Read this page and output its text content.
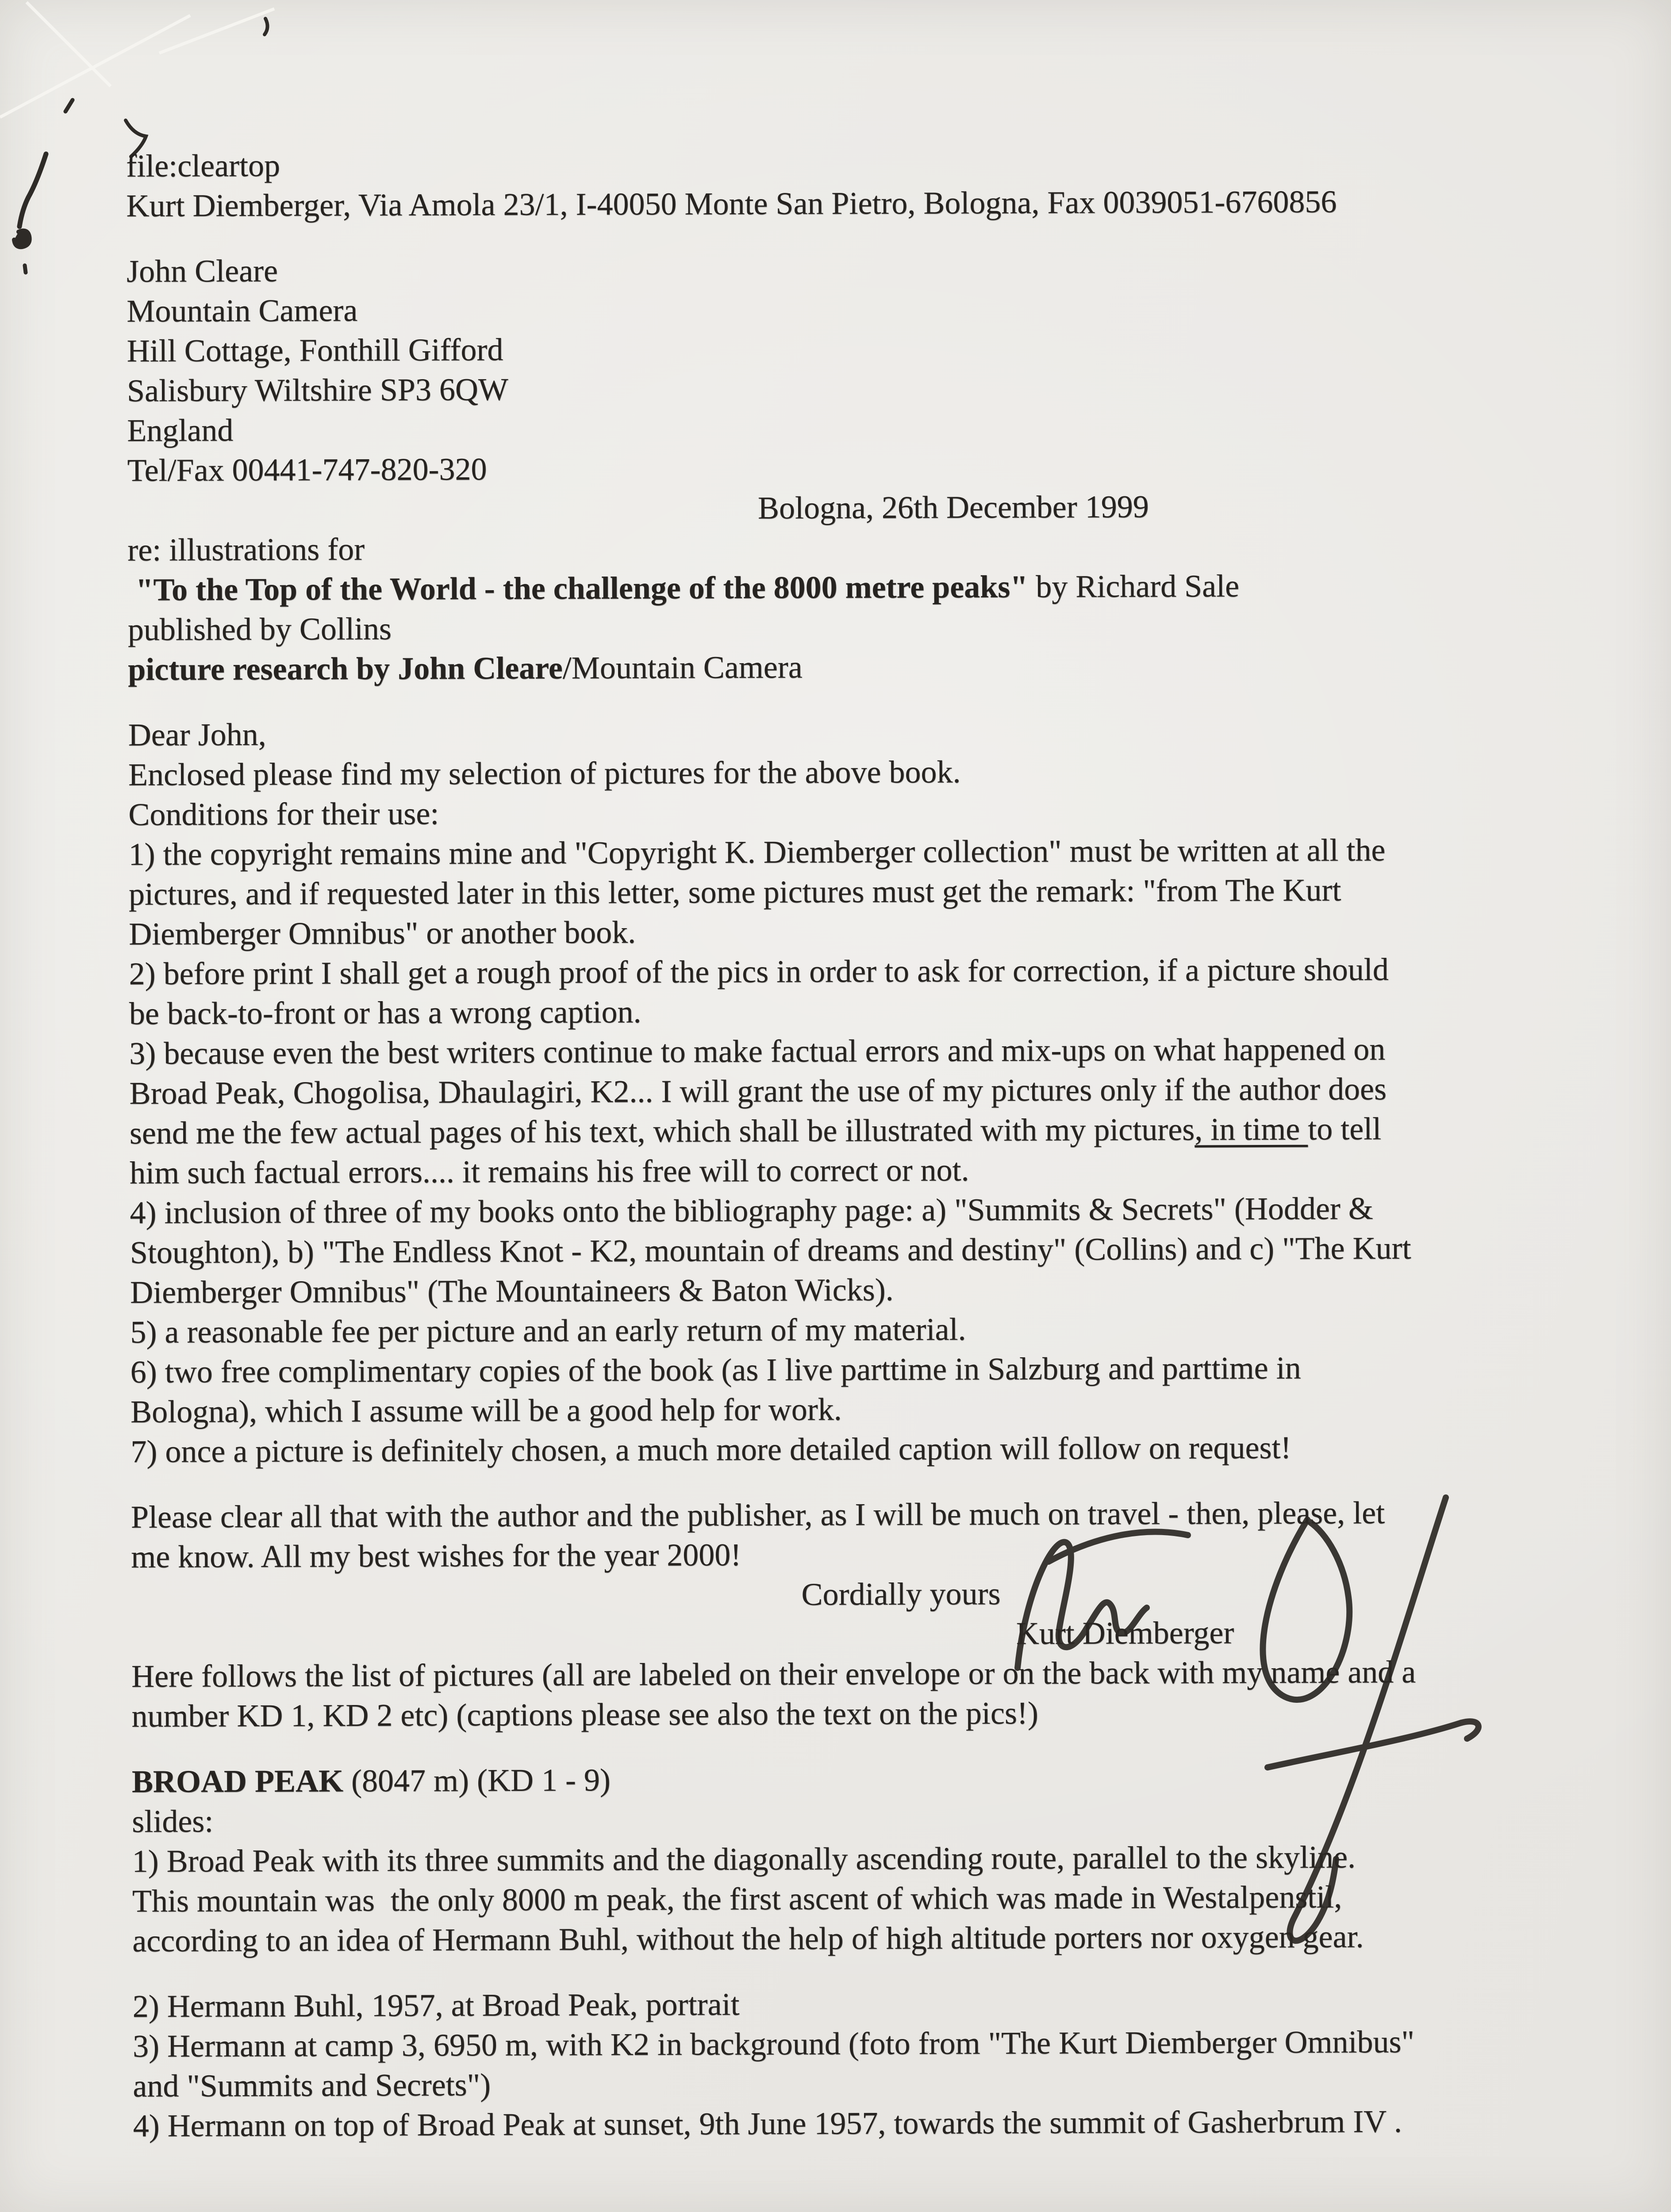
file:cleartop
Kurt Diemberger, Via Amola 23/1, I-40050 Monte San Pietro, Bologna, Fax 0039051-6760856
John Cleare
Mountain Camera
Hill Cottage, Fonthill Gifford
Salisbury Wiltshire SP3 6QW
England
Tel/Fax 00441-747-820-320
Bologna, 26th December 1999
re: illustrations for
"To the Top of the World - the challenge of the 8000 metre peaks" by Richard Sale
published by Collins
picture research by John Cleare/Mountain Camera
Dear John,
Enclosed please find my selection of pictures for the above book.
Conditions for their use:
1) the copyright remains mine and "Copyright K. Diemberger collection" must be written at all the
pictures, and if requested later in this letter, some pictures must get the remark: "from The Kurt
Diemberger Omnibus" or another book.
2) before print I shall get a rough proof of the pics in order to ask for correction, if a picture should
be back-to-front or has a wrong caption.
3) because even the best writers continue to make factual errors and mix-ups on what happened on
Broad Peak, Chogolisa, Dhaulagiri, K2... I will grant the use of my pictures only if the author does
send me the few actual pages of his text, which shall be illustrated with my pictures, in time to tell
him such factual errors.... it remains his free will to correct or not.
4) inclusion of three of my books onto the bibliography page: a) "Summits & Secrets" (Hodder &
Stoughton), b) "The Endless Knot - K2, mountain of dreams and destiny" (Collins) and c) "The Kurt
Diemberger Omnibus" (The Mountaineers & Baton Wicks).
5) a reasonable fee per picture and an early return of my material.
6) two free complimentary copies of the book (as I live parttime in Salzburg and parttime in
Bologna), which I assume will be a good help for work.
7) once a picture is definitely chosen, a much more detailed caption will follow on request!
Please clear all that with the author and the publisher, as I will be much on travel - then, please, let
me know. All my best wishes for the year 2000!
Cordially yours
Kurt Diemberger
Here follows the list of pictures (all are labeled on their envelope or on the back with my name and a
number KD 1, KD 2 etc) (captions please see also the text on the pics!)
BROAD PEAK (8047 m) (KD 1 - 9)
slides:
1) Broad Peak with its three summits and the diagonally ascending route, parallel to the skyline.
This mountain was  the only 8000 m peak, the first ascent of which was made in Westalpenstil,
according to an idea of Hermann Buhl, without the help of high altitude porters nor oxygen gear.
2) Hermann Buhl, 1957, at Broad Peak, portrait
3) Hermann at camp 3, 6950 m, with K2 in background (foto from "The Kurt Diemberger Omnibus"
and "Summits and Secrets")
4) Hermann on top of Broad Peak at sunset, 9th June 1957, towards the summit of Gasherbrum IV .
